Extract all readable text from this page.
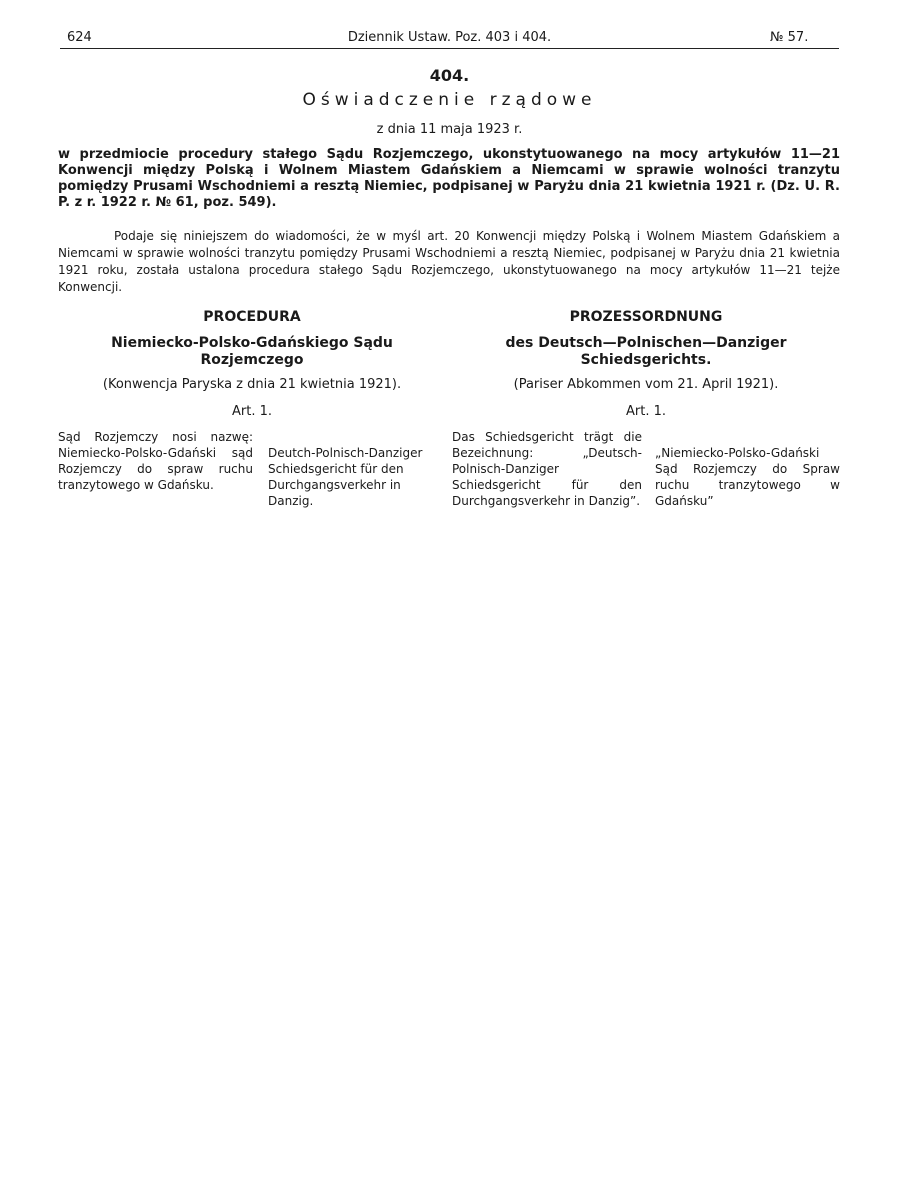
624	Dziennik Ustaw. Poz. 403 i 404.	№ 57.
404.
Oświadczenie rządowe
z dnia 11 maja 1923 r.
w przedmiocie procedury stałego Sądu Rozjemczego, ukonstytuowanego na mocy artykułów 11—21 Konwencji między Polską i Wolnem Miastem Gdańskiem a Niemcami w sprawie wolności tranzytu pomiędzy Prusami Wschodniemi a resztą Niemiec, podpisanej w Paryżu dnia 21 kwietnia 1921 r. (Dz. U. R. P. z r. 1922 r. № 61, poz. 549).
Podaje się niniejszem do wiadomości, że w myśl art. 20 Konwencji między Polską i Wolnem Miastem Gdańskiem a Niemcami w sprawie wolności tranzytu pomiędzy Prusami Wschodniemi a resztą Niemiec, podpisanej w Paryżu dnia 21 kwietnia 1921 roku, została ustalona procedura stałego Sądu Rozjemczego, ukonstytuowanego na mocy artykułów 11—21 tejże Konwencji.
PROCEDURA
Niemiecko-Polsko-Gdańskiego Sądu Rozjemczego
(Konwencja Paryska z dnia 21 kwietnia 1921).
Art. 1.
Sąd Rozjemczy nosi nazwę: Niemiecko-Polsko-Gdański sąd Rozjemczy do spraw ruchu tranzytowego w Gdańsku.
Deutch-Polnisch-Danziger Schiedsgericht für den Durchgangsverkehr in Danzig.
PROZESSORDNUNG
des Deutsch—Polnischen—Danziger Schiedsgerichts.
(Pariser Abkommen vom 21. April 1921).
Art. 1.
Das Schiedsgericht trägt die Bezeichnung: „Deutsch-Polnisch-Danziger Schiedsgericht für den Durchgangsverkehr in Danzig”.
„Niemiecko-Polsko-Gdański Sąd Rozjemczy do Spraw ruchu tranzytowego w Gdańsku”
